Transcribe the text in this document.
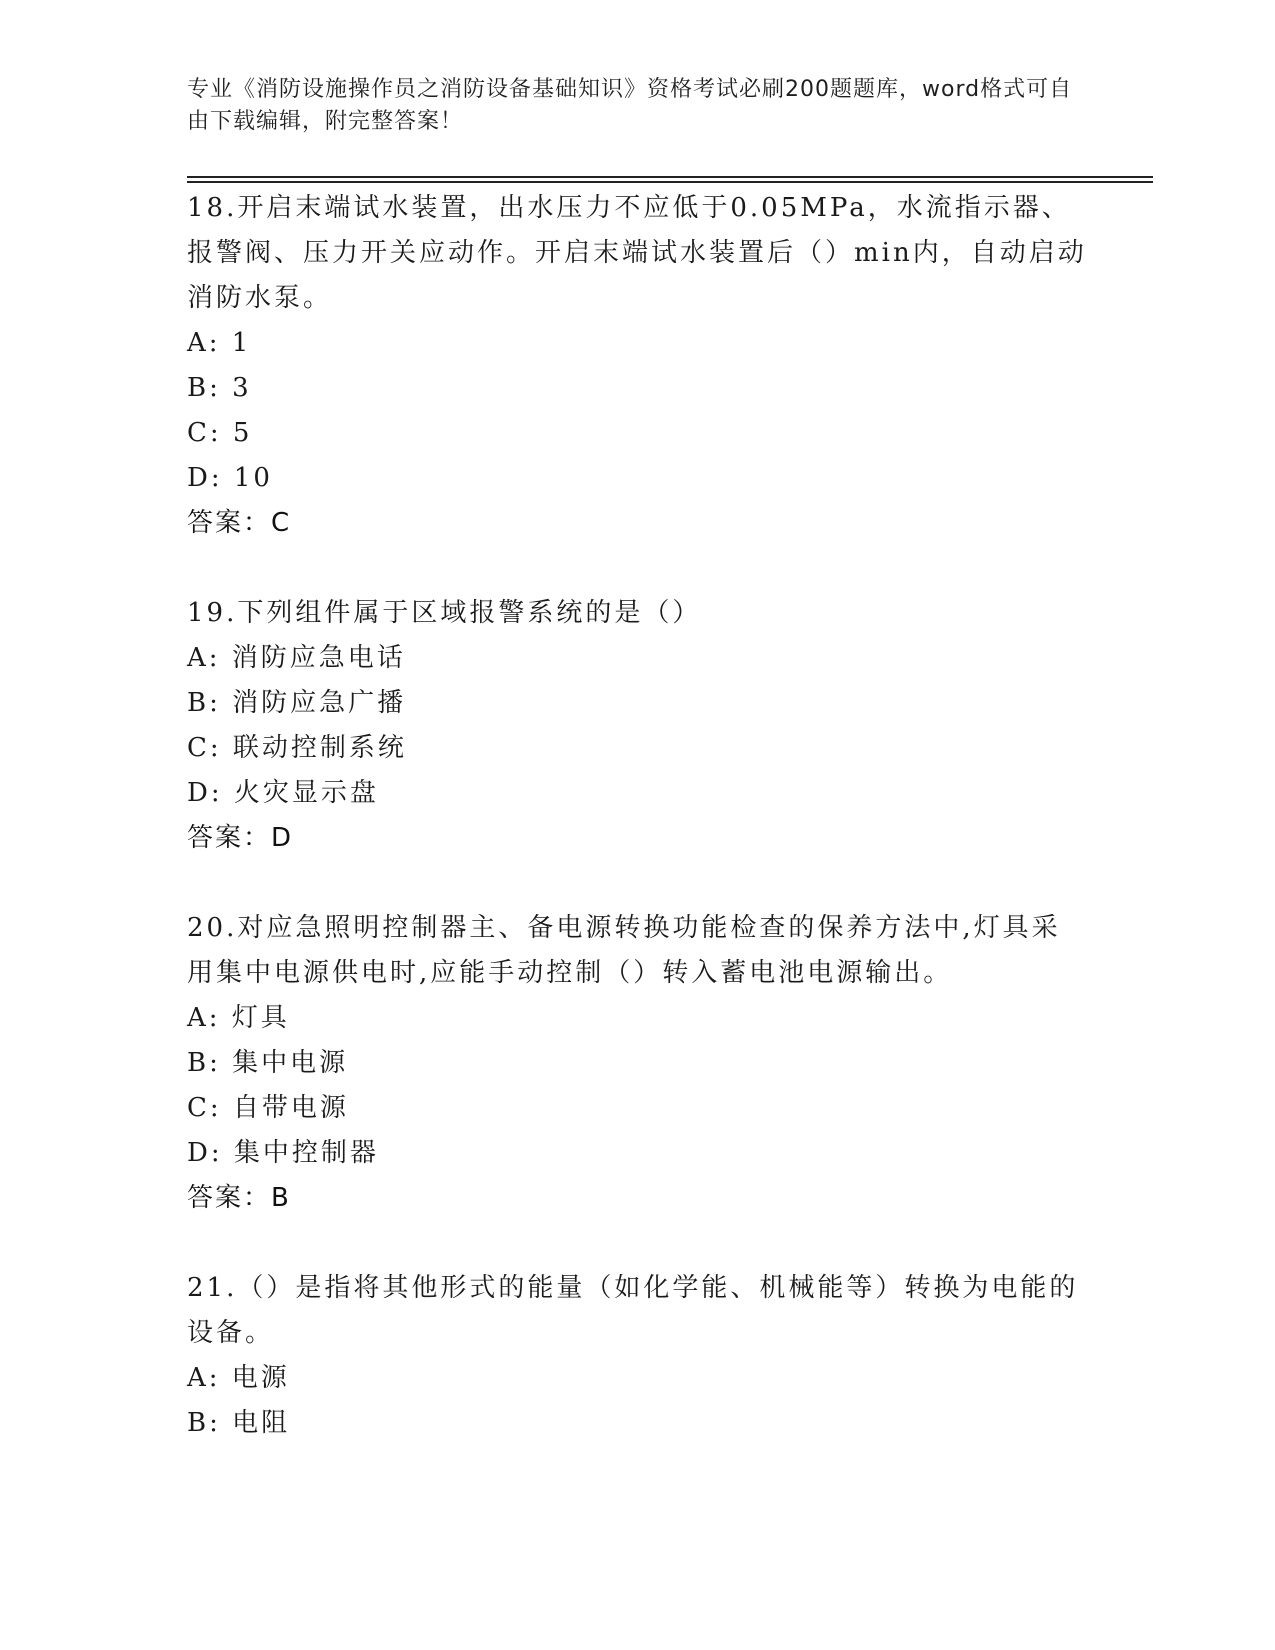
专业《消防设施操作员之消防设备基础知识》资格考试必刷200题题库，word格式可自由下载编辑，附完整答案！

18.开启末端试水装置，出水压力不应低于0.05MPa，水流指示器、报警阀、压力开关应动作。开启末端试水装置后（）min内，自动启动消防水泵。

A: 1

B: 3

C: 5

D: 10

答案：C

19.下列组件属于区域报警系统的是（）

A: 消防应急电话

B: 消防应急广播

C: 联动控制系统

D: 火灾显示盘

答案：D

20.对应急照明控制器主、备电源转换功能检查的保养方法中,灯具采用集中电源供电时,应能手动控制（）转入蓄电池电源输出。

A: 灯具

B: 集中电源

C: 自带电源

D: 集中控制器

答案：B

21.（）是指将其他形式的能量（如化学能、机械能等）转换为电能的设备。

A: 电源

B: 电阻
